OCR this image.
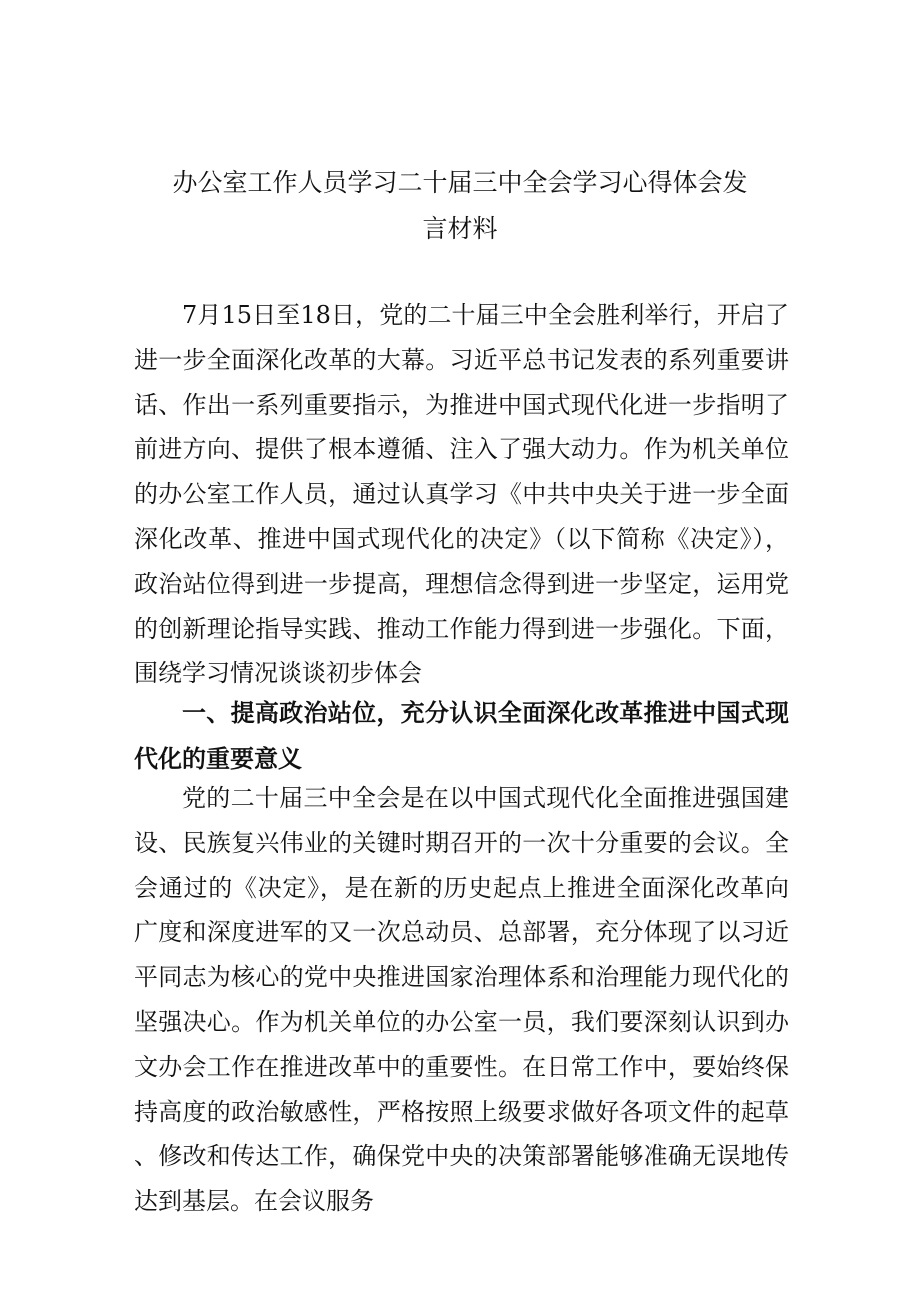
办公室工作人员学习二十届三中全会学习心得体会发
言材料

7月15日至18日，党的二十届三中全会胜利举行，开启了进一步全面深化改革的大幕。习近平总书记发表的系列重要讲话、作出一系列重要指示，为推进中国式现代化进一步指明了前进方向、提供了根本遵循、注入了强大动力。作为机关单位的办公室工作人员，通过认真学习《中共中央关于进一步全面深化改革、推进中国式现代化的决定》（以下简称《决定》），政治站位得到进一步提高，理想信念得到进一步坚定，运用党的创新理论指导实践、推动工作能力得到进一步强化。下面，围绕学习情况谈谈初步体会

一、提高政治站位，充分认识全面深化改革推进中国式现代化的重要意义

党的二十届三中全会是在以中国式现代化全面推进强国建设、民族复兴伟业的关键时期召开的一次十分重要的会议。全会通过的《决定》，是在新的历史起点上推进全面深化改革向广度和深度进军的又一次总动员、总部署，充分体现了以习近平同志为核心的党中央推进国家治理体系和治理能力现代化的坚强决心。作为机关单位的办公室一员，我们要深刻认识到办文办会工作在推进改革中的重要性。在日常工作中，要始终保持高度的政治敏感性，严格按照上级要求做好各项文件的起草、修改和传达工作，确保党中央的决策部署能够准确无误地传达到基层。在会议服务
